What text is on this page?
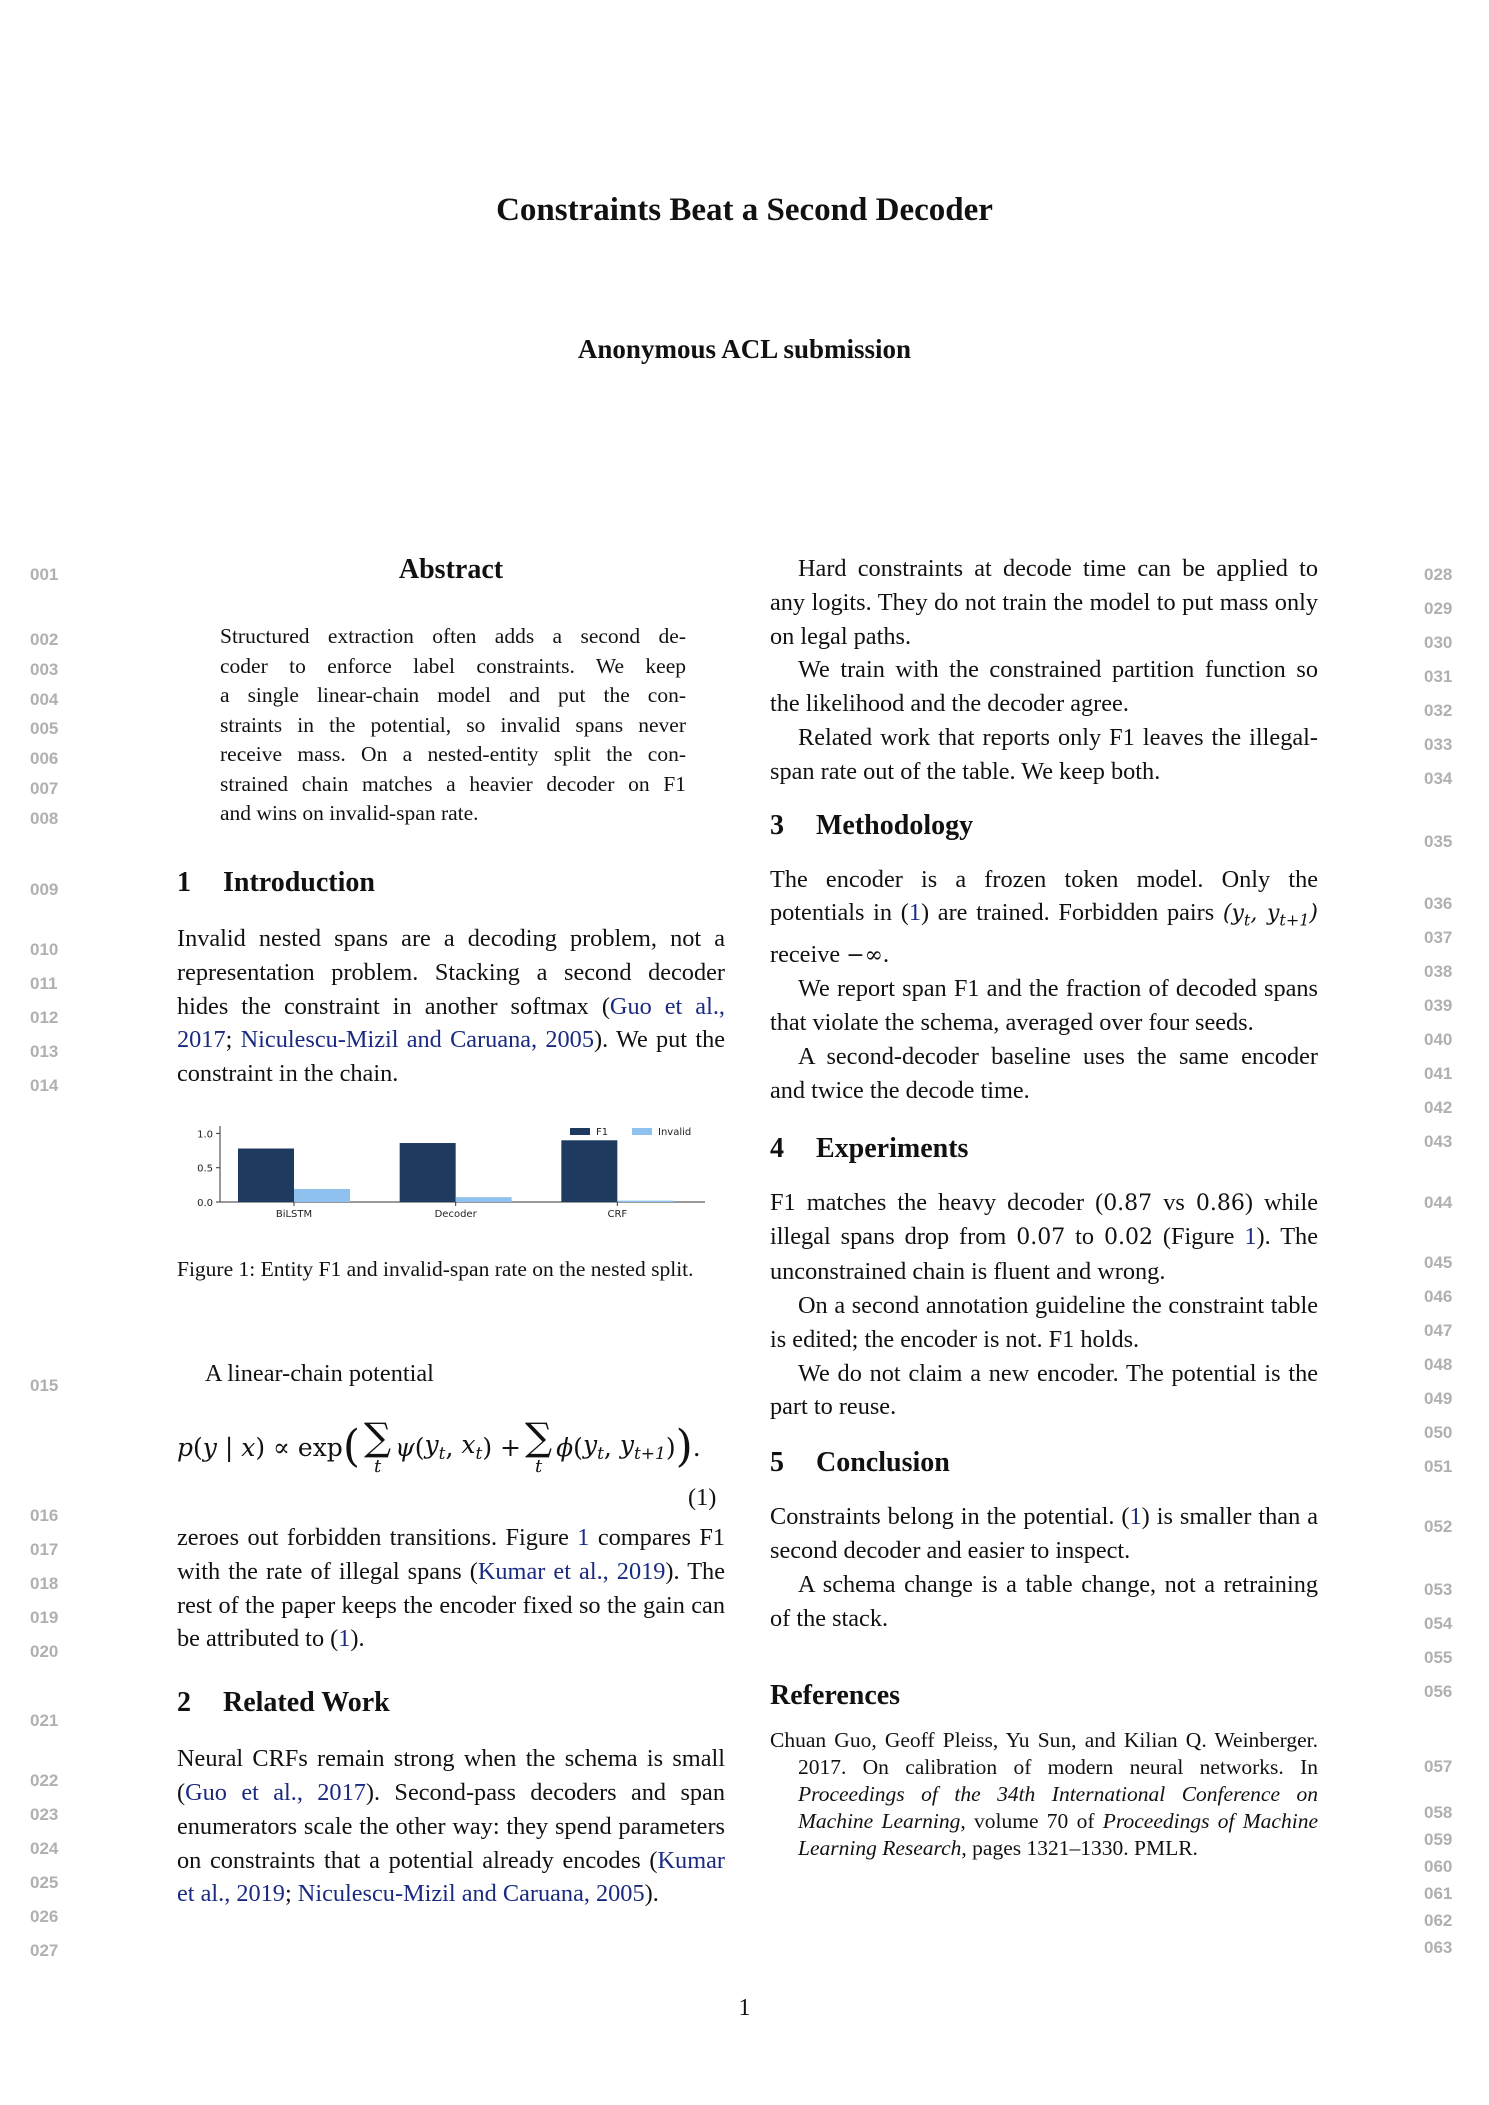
Constraints Beat a Second Decoder
Anonymous ACL submission
001
002
003
004
005
006
007
008
009
010
011
012
013
014
015
016
017
018
019
020
021
022
023
024
025
026
027
028
029
030
031
032
033
034
035
036
037
038
039
040
041
042
043
044
045
046
047
048
049
050
051
052
053
054
055
056
057
058
059
060
061
062
063
Abstract
Structured extraction often adds a second de-
coder to enforce label constraints. We keep
a single linear-chain model and put the con-
straints in the potential, so invalid spans never
receive mass. On a nested-entity split the con-
strained chain matches a heavier decoder on F1
and wins on invalid-span rate.
1 Introduction

Invalid nested spans are a decoding problem, not a representation problem. Stacking a second decoder hides the constraint in another softmax (Guo et al., 2017; Niculescu-Mizil and Caruana, 2005). We put the constraint in the chain.

0.0
0.5
1.0
BiLSTM	Decoder	CRF
F1	Invalid
Figure 1: Entity F1 and invalid-span rate on the nested split.

A linear-chain potential

p ( y | x ) ∝ exp ( ∑
t
ψ ( $y_t$ , $x_t$ ) + ∑
t
ϕ ( $y_t$ , $y_{t+1}$ ) ) .
(1)

zeroes out forbidden transitions. Figure 1 compares F1 with the rate of illegal spans (Kumar et al., 2019). The rest of the paper keeps the encoder fixed so the gain can be attributed to (1).

2 Related Work

Neural CRFs remain strong when the schema is small (Guo et al., 2017). Second-pass decoders and span enumerators scale the other way: they spend parameters on constraints that a potential already encodes (Kumar et al., 2019; Niculescu-Mizil and Caruana, 2005).

Hard constraints at decode time can be applied to any logits. They do not train the model to put mass only on legal paths.

We train with the constrained partition function so the likelihood and the decoder agree.

Related work that reports only F1 leaves the illegal-span rate out of the table. We keep both.

3 Methodology

The encoder is a frozen token model. Only the potentials in (1) are trained. Forbidden pairs ($y_t$, $y_{t+1}$) receive −∞.

We report span F1 and the fraction of decoded spans that violate the schema, averaged over four seeds.

A second-decoder baseline uses the same encoder and twice the decode time.

4 Experiments

F1 matches the heavy decoder (0.87 vs 0.86) while illegal spans drop from 0.07 to 0.02 (Figure 1). The unconstrained chain is fluent and wrong.

On a second annotation guideline the constraint table is edited; the encoder is not. F1 holds.

We do not claim a new encoder. The potential is the part to reuse.

5 Conclusion

Constraints belong in the potential. (1) is smaller than a second decoder and easier to inspect.

A schema change is a table change, not a retraining of the stack.

References
Chuan Guo, Geoff Pleiss, Yu Sun, and Kilian Q. Weinberger. 2017. On calibration of modern neural networks. In Proceedings of the 34th International Conference on Machine Learning, volume 70 of Proceedings of Machine Learning Research, pages 1321–1330. PMLR.
1
